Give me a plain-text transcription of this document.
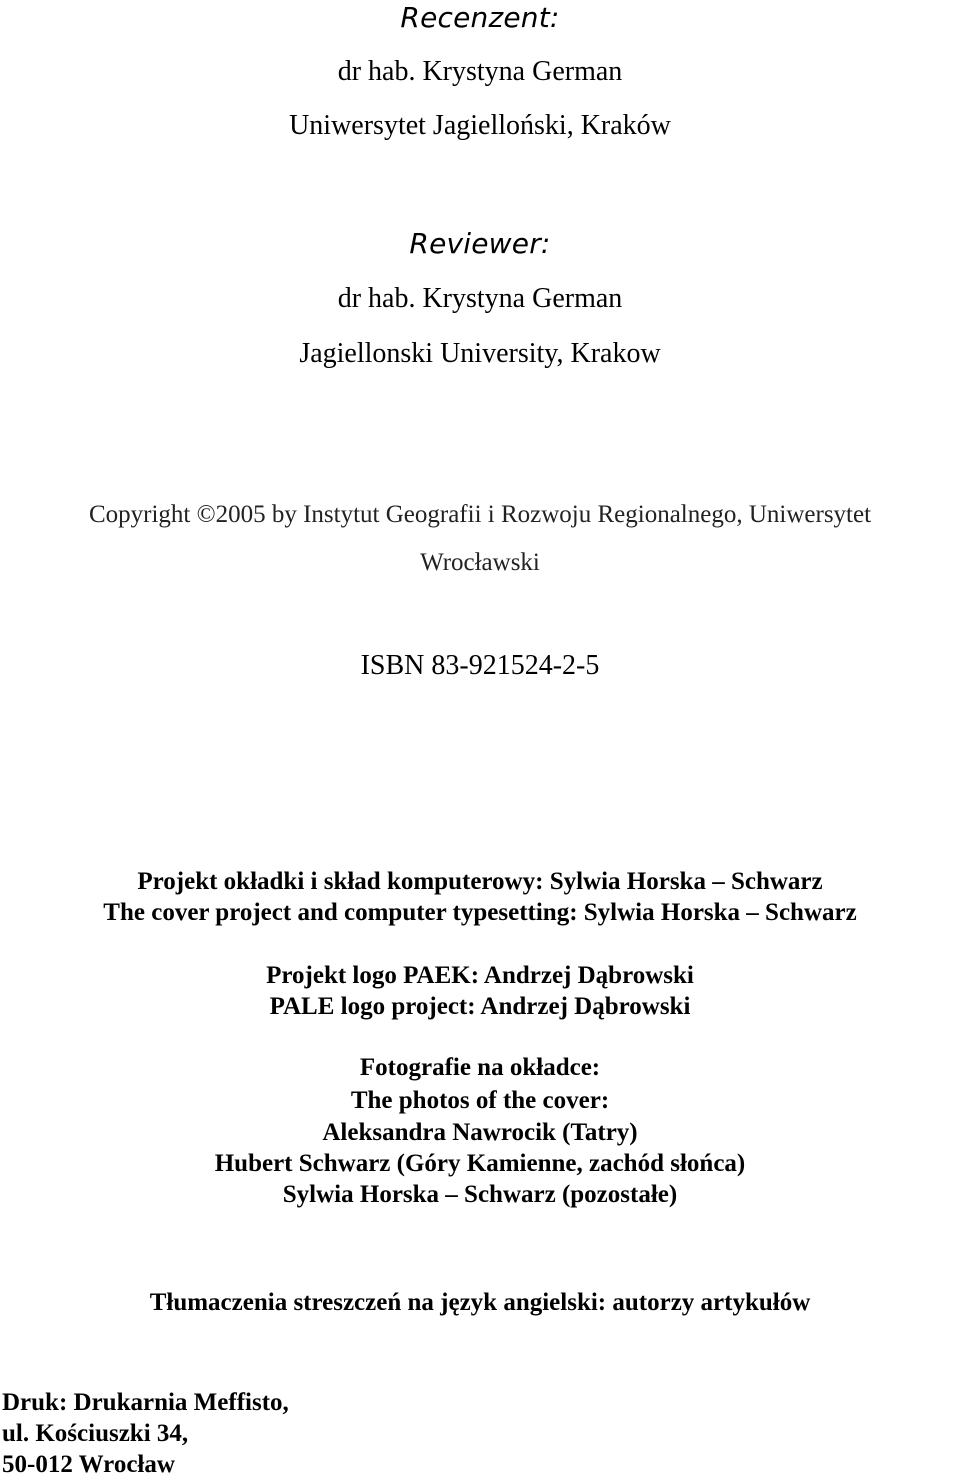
Recenzent:
dr hab. Krystyna German
Uniwersytet Jagielloński, Kraków
Reviewer:
dr hab. Krystyna German
Jagiellonski University, Krakow
Copyright ©2005 by Instytut Geografii i Rozwoju Regionalnego, Uniwersytet
Wrocławski
ISBN 83-921524-2-5
Projekt okładki i skład komputerowy: Sylwia Horska – Schwarz
The cover project and computer typesetting: Sylwia Horska – Schwarz
Projekt logo PAEK: Andrzej Dąbrowski
PALE logo project: Andrzej Dąbrowski
Fotografie na okładce:
The photos of the cover:
Aleksandra Nawrocik (Tatry)
Hubert Schwarz (Góry Kamienne, zachód słońca)
Sylwia Horska – Schwarz (pozostałe)
Tłumaczenia streszczeń na język angielski: autorzy artykułów
Druk: Drukarnia Meffisto,
ul. Kościuszki 34,
50-012 Wrocław
